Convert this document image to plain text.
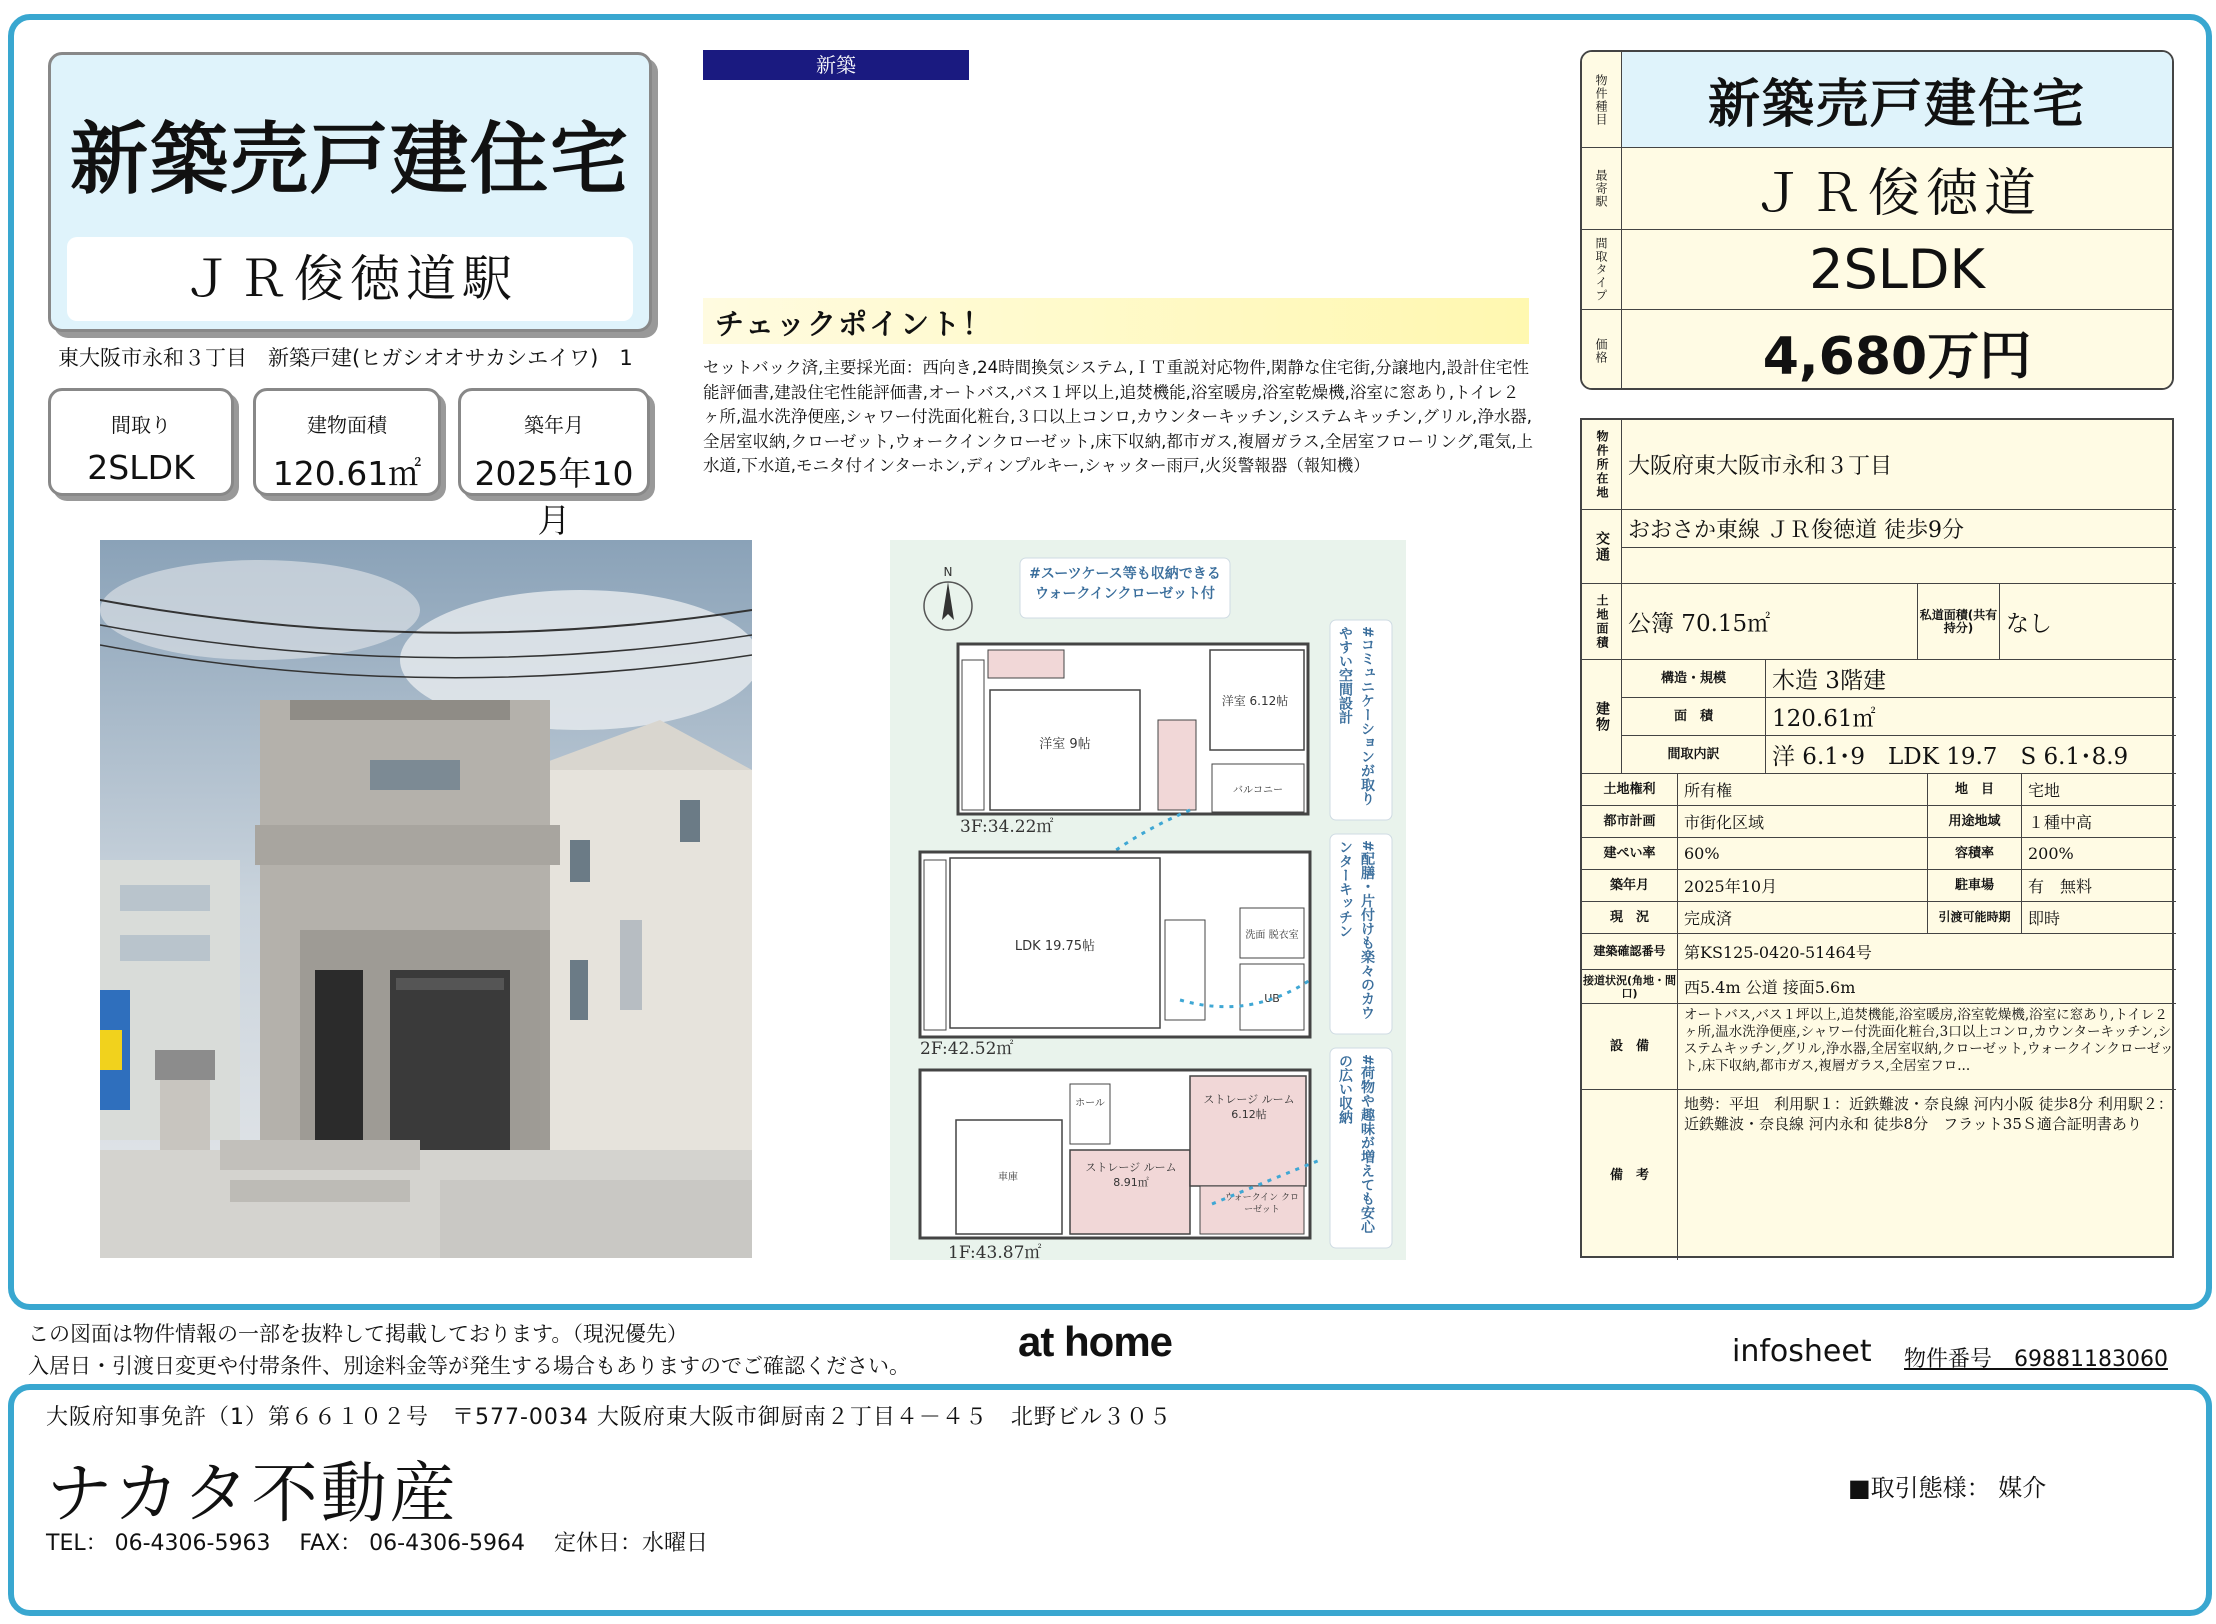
新築売戸建住宅
ＪＲ俊徳道駅
東大阪市永和３丁目　新築戸建(ヒガシオオサカシエイワ)　1
間取り
2SLDK
建物面積
120.61㎡
築年月
2025年10月
新築
チェックポイント！
セットバック済,主要採光面：西向き,24時間換気システム,ＩＴ重説対応物件,閑静な住宅街,分譲地内,設計住宅性能評価書,建設住宅性能評価書,オートバス,バス１坪以上,追焚機能,浴室暖房,浴室乾燥機,浴室に窓あり,トイレ２ヶ所,温水洗浄便座,シャワー付洗面化粧台,３口以上コンロ,カウンターキッチン,システムキッチン,グリル,浄水器,全居室収納,クローゼット,ウォークインクローゼット,床下収納,都市ガス,複層ガラス,全居室フローリング,電気,上水道,下水道,モニタ付インターホン,ディンプルキー,シャッター雨戸,火災警報器（報知機）
N	#スーツケース等も収納できる ウォークインクローゼット付
#コミュニケーションが取りやすい空間設計
#配膳・片付けも楽々のカウンターキッチン
#荷物や趣味が増えても安心の広い収納
洋室 9帖
洋室 6.12帖
バルコニー
3F:34.22㎡
LDK 19.75帖
洗面 脱衣室
UB
2F:42.52㎡
車庫
ホール
ストレージ ルーム 8.91㎡
ストレージ ルーム 6.12帖
ウォークイン クローゼット
1F:43.87㎡
物件種目 新築売戸建住宅
最寄駅	ＪＲ俊徳道
間取タイプ	2SLDK
価格	4,680万円
物件所在地 大阪府東大阪市永和３丁目
交通 おおさか東線 ＪＲ俊徳道 徒歩9分
土地面積 公簿 70.15㎡	私道面積(共有持分)	なし
建物
構造・規模	木造 3階建
面　積	120.61㎡
間取内訳	洋 6.1･9　LDK 19.7　S 6.1･8.9
土地権利	所有権	地　目	宅地
都市計画	市街化区域	用途地域	１種中高
建ぺい率	60%	容積率	200%
築年月	2025年10月	駐車場	有　無料
現　況	完成済	引渡可能時期	即時
建築確認番号	第KS125-0420-51464号
接道状況(角地・間口)	西5.4m 公道 接面5.6m
設　備
オートバス,バス１坪以上,追焚機能,浴室暖房,浴室乾燥機,浴室に窓あり,トイレ２ヶ所,温水洗浄便座,シャワー付洗面化粧台,3口以上コンロ,カウンターキッチン,システムキッチン,グリル,浄水器,全居室収納,クローゼット,ウォークインクローゼット,床下収納,都市ガス,複層ガラス,全居室フロ...
備　考
地勢：平坦　利用駅１：近鉄難波・奈良線 河内小阪 徒歩8分 利用駅２：近鉄難波・奈良線 河内永和 徒歩8分　フラット35Ｓ適合証明書あり
この図面は物件情報の一部を抜粋して掲載しております。（現況優先）
入居日・引渡日変更や付帯条件、別途料金等が発生する場合もありますのでご確認ください。
at home	infosheet 物件番号　69881183060
大阪府知事免許（1）第６６１０２号　〒577-0034 大阪府東大阪市御厨南２丁目４－４５　北野ビル３０５
ナカタ不動産
TEL： 06-4306-5963　 FAX： 06-4306-5964　 定休日：水曜日
■取引態様： 媒介
